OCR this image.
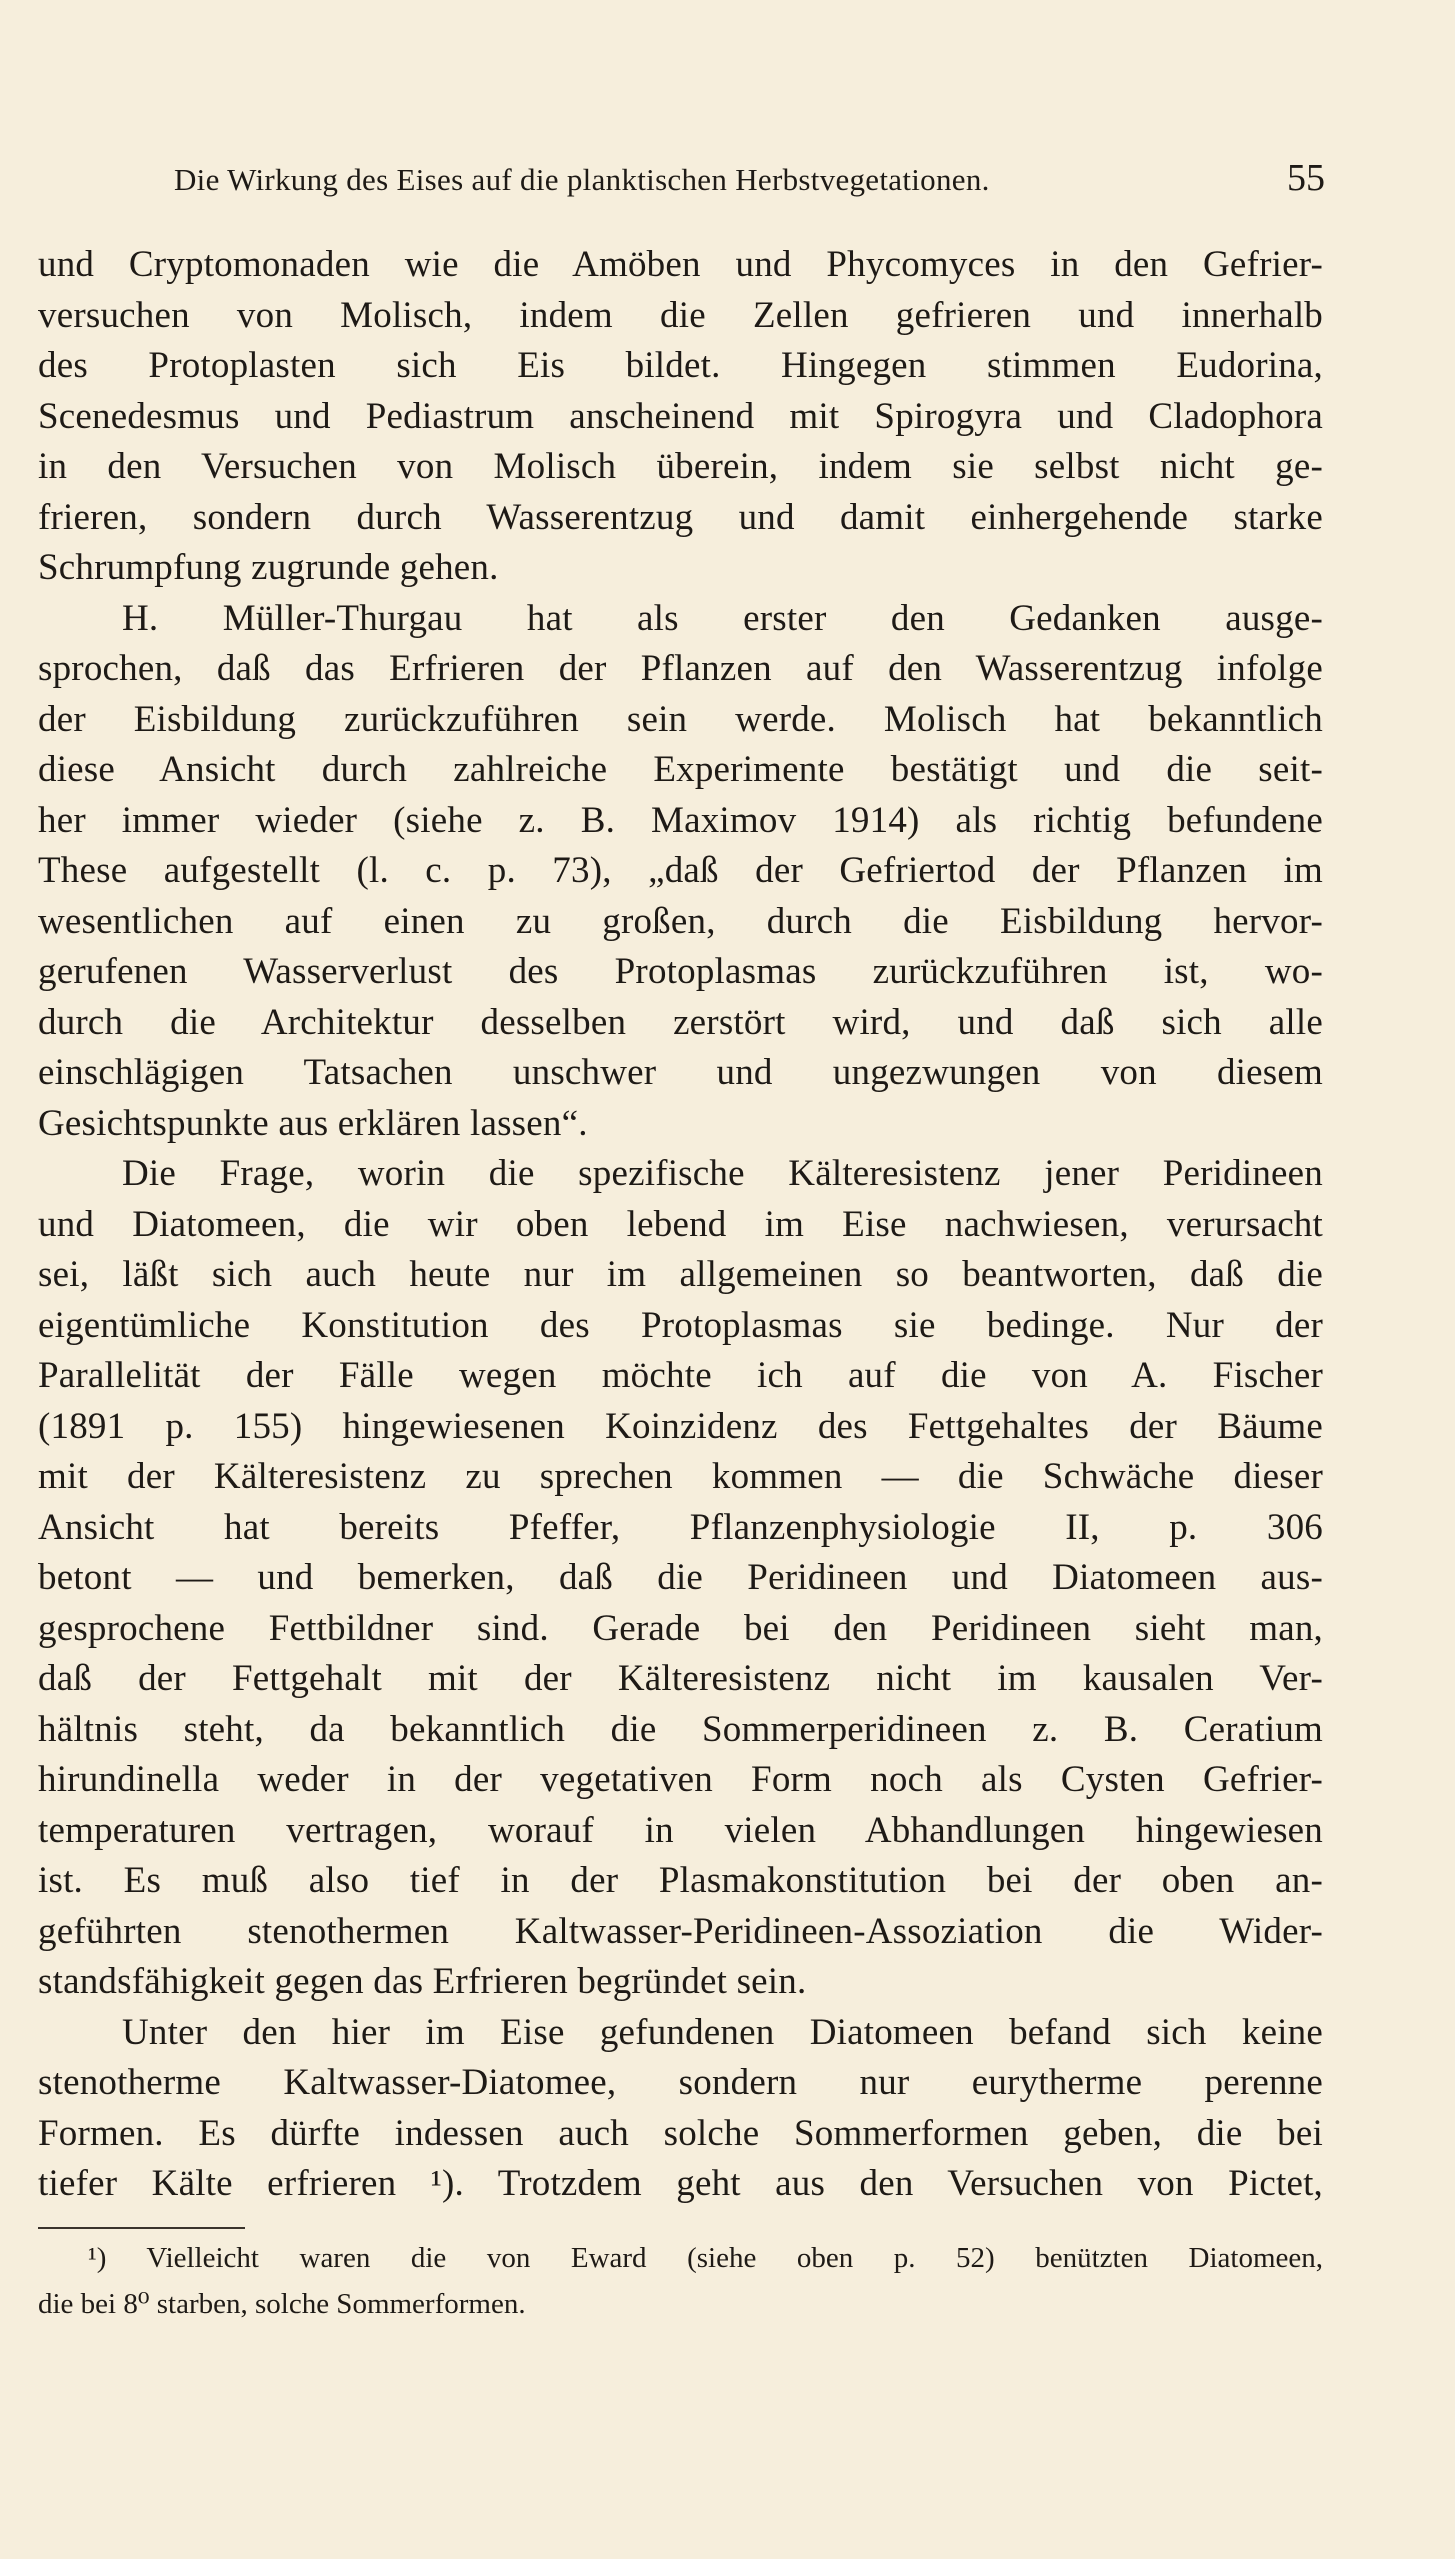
Die Wirkung des Eises auf die planktischen Herbstvegetationen.	55
und Cryptomonaden wie die Amöben und Phycomyces in den Gefrier-
versuchen von Molisch, indem die Zellen gefrieren und innerhalb
des Protoplasten sich Eis bildet. Hingegen stimmen Eudorina,
Scenedesmus und Pediastrum anscheinend mit Spirogyra und Cladophora
in den Versuchen von Molisch überein, indem sie selbst nicht ge-
frieren, sondern durch Wasserentzug und damit einhergehende starke
Schrumpfung zugrunde gehen.
H. Müller-Thurgau hat als erster den Gedanken ausge-
sprochen, daß das Erfrieren der Pflanzen auf den Wasserentzug infolge
der Eisbildung zurückzuführen sein werde. Molisch hat bekanntlich
diese Ansicht durch zahlreiche Experimente bestätigt und die seit-
her immer wieder (siehe z. B. Maximov 1914) als richtig befundene
These aufgestellt (l. c. p. 73), „daß der Gefriertod der Pflanzen im
wesentlichen auf einen zu großen, durch die Eisbildung hervor-
gerufenen Wasserverlust des Protoplasmas zurückzuführen ist, wo-
durch die Architektur desselben zerstört wird, und daß sich alle
einschlägigen Tatsachen unschwer und ungezwungen von diesem
Gesichtspunkte aus erklären lassen“.
Die Frage, worin die spezifische Kälteresistenz jener Peridineen
und Diatomeen, die wir oben lebend im Eise nachwiesen, verursacht
sei, läßt sich auch heute nur im allgemeinen so beantworten, daß die
eigentümliche Konstitution des Protoplasmas sie bedinge. Nur der
Parallelität der Fälle wegen möchte ich auf die von A. Fischer
(1891 p. 155) hingewiesenen Koinzidenz des Fettgehaltes der Bäume
mit der Kälteresistenz zu sprechen kommen — die Schwäche dieser
Ansicht hat bereits Pfeffer, Pflanzenphysiologie II, p. 306
betont — und bemerken, daß die Peridineen und Diatomeen aus-
gesprochene Fettbildner sind. Gerade bei den Peridineen sieht man,
daß der Fettgehalt mit der Kälteresistenz nicht im kausalen Ver-
hältnis steht, da bekanntlich die Sommerperidineen z. B. Ceratium
hirundinella weder in der vegetativen Form noch als Cysten Gefrier-
temperaturen vertragen, worauf in vielen Abhandlungen hingewiesen
ist. Es muß also tief in der Plasmakonstitution bei der oben an-
geführten stenothermen Kaltwasser-Peridineen-Assoziation die Wider-
standsfähigkeit gegen das Erfrieren begründet sein.
Unter den hier im Eise gefundenen Diatomeen befand sich keine
stenotherme Kaltwasser-Diatomee, sondern nur eurytherme perenne
Formen. Es dürfte indessen auch solche Sommerformen geben, die bei
tiefer Kälte erfrieren ¹). Trotzdem geht aus den Versuchen von Pictet,
¹) Vielleicht waren die von Eward (siehe oben p. 52) benützten Diatomeen,
die bei 8⁰ starben, solche Sommerformen.
